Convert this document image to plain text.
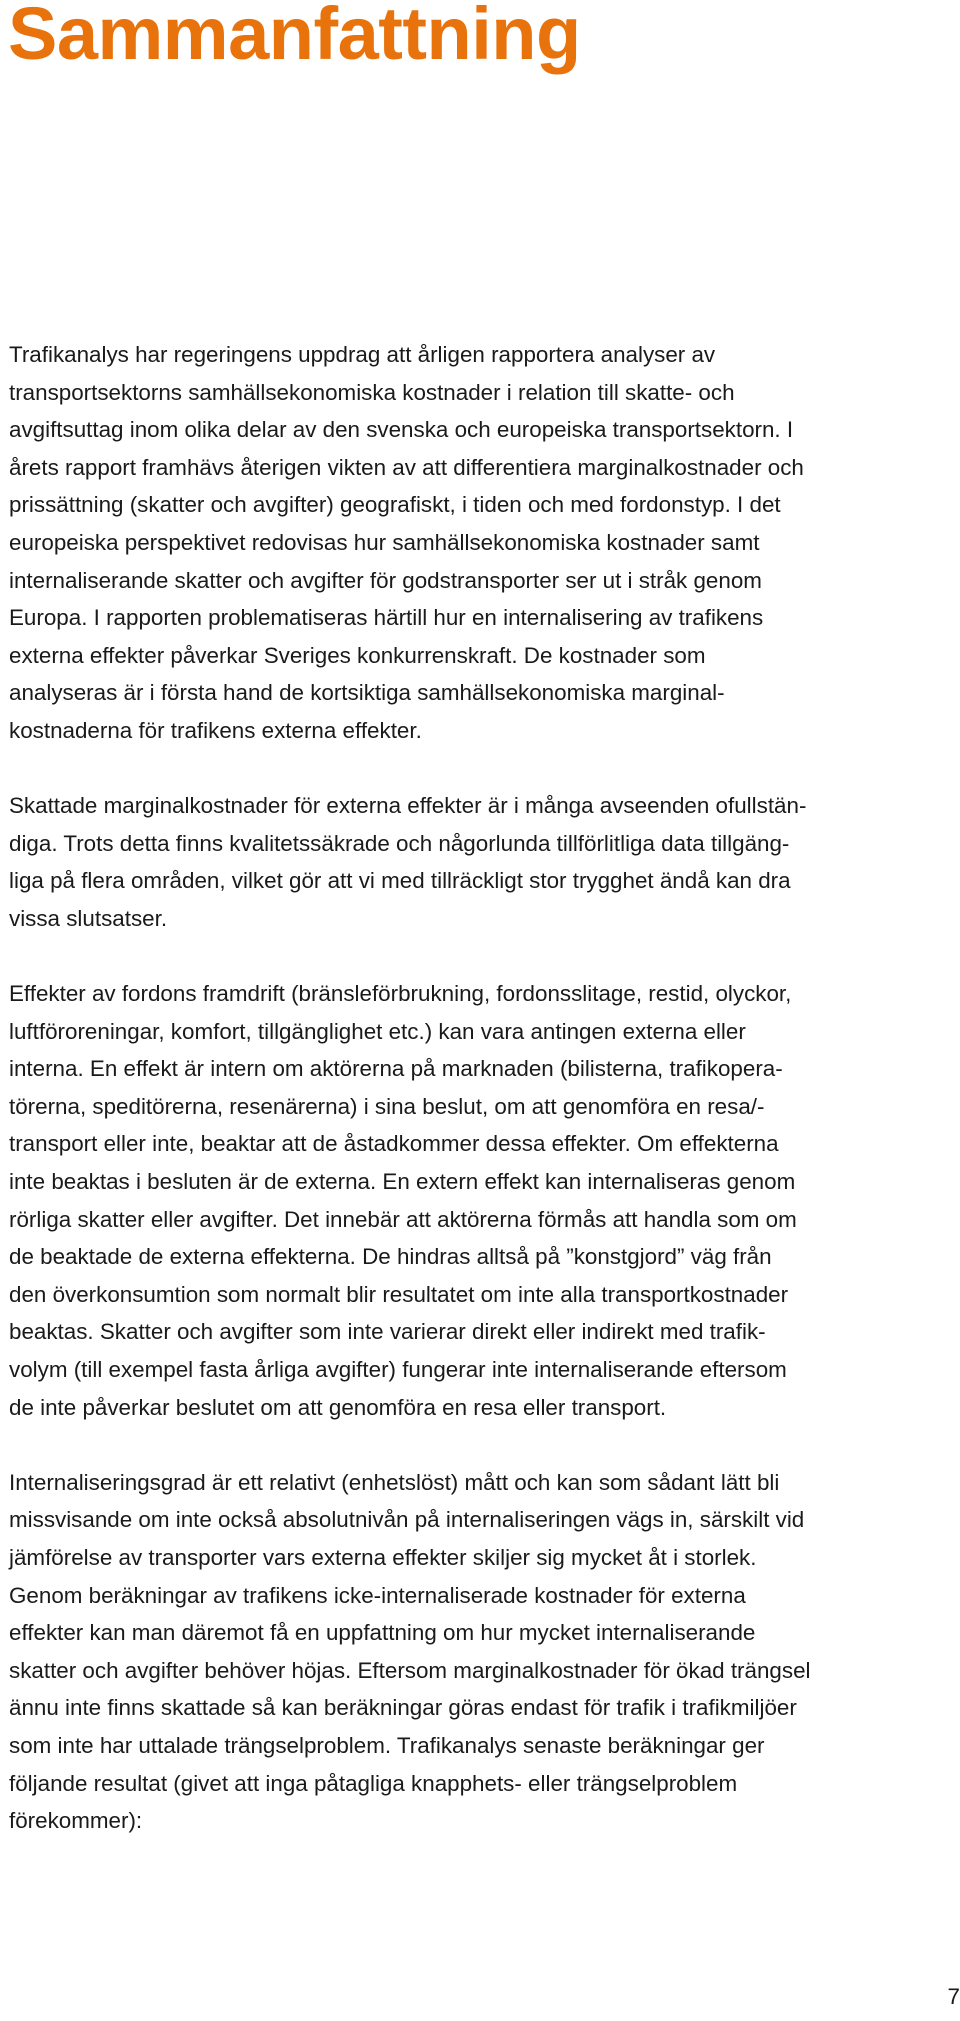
Sammanfattning

Trafikanalys har regeringens uppdrag att årligen rapportera analyser av
transportsektorns samhällsekonomiska kostnader i relation till skatte- och
avgiftsuttag inom olika delar av den svenska och europeiska transportsektorn. I
årets rapport framhävs återigen vikten av att differentiera marginalkostnader och
prissättning (skatter och avgifter) geografiskt, i tiden och med fordonstyp. I det
europeiska perspektivet redovisas hur samhällsekonomiska kostnader samt
internaliserande skatter och avgifter för godstransporter ser ut i stråk genom
Europa. I rapporten problematiseras härtill hur en internalisering av trafikens
externa effekter påverkar Sveriges konkurrenskraft. De kostnader som
analyseras är i första hand de kortsiktiga samhällsekonomiska marginal-
kostnaderna för trafikens externa effekter.

Skattade marginalkostnader för externa effekter är i många avseenden ofullstän-
diga. Trots detta finns kvalitetssäkrade och någorlunda tillförlitliga data tillgäng-
liga på flera områden, vilket gör att vi med tillräckligt stor trygghet ändå kan dra
vissa slutsatser.

Effekter av fordons framdrift (bränsleförbrukning, fordonsslitage, restid, olyckor,
luftföroreningar, komfort, tillgänglighet etc.) kan vara antingen externa eller
interna. En effekt är intern om aktörerna på marknaden (bilisterna, trafikopera-
törerna, speditörerna, resenärerna) i sina beslut, om att genomföra en resa/-
transport eller inte, beaktar att de åstadkommer dessa effekter. Om effekterna
inte beaktas i besluten är de externa. En extern effekt kan internaliseras genom
rörliga skatter eller avgifter. Det innebär att aktörerna förmås att handla som om
de beaktade de externa effekterna. De hindras alltså på ”konstgjord” väg från
den överkonsumtion som normalt blir resultatet om inte alla transportkostnader
beaktas. Skatter och avgifter som inte varierar direkt eller indirekt med trafik-
volym (till exempel fasta årliga avgifter) fungerar inte internaliserande eftersom
de inte påverkar beslutet om att genomföra en resa eller transport.

Internaliseringsgrad är ett relativt (enhetslöst) mått och kan som sådant lätt bli
missvisande om inte också absolutnivån på internaliseringen vägs in, särskilt vid
jämförelse av transporter vars externa effekter skiljer sig mycket åt i storlek.
Genom beräkningar av trafikens icke-internaliserade kostnader för externa
effekter kan man däremot få en uppfattning om hur mycket internaliserande
skatter och avgifter behöver höjas. Eftersom marginalkostnader för ökad trängsel
ännu inte finns skattade så kan beräkningar göras endast för trafik i trafikmiljöer
som inte har uttalade trängselproblem. Trafikanalys senaste beräkningar ger
följande resultat (givet att inga påtagliga knapphets- eller trängselproblem
förekommer):

7
